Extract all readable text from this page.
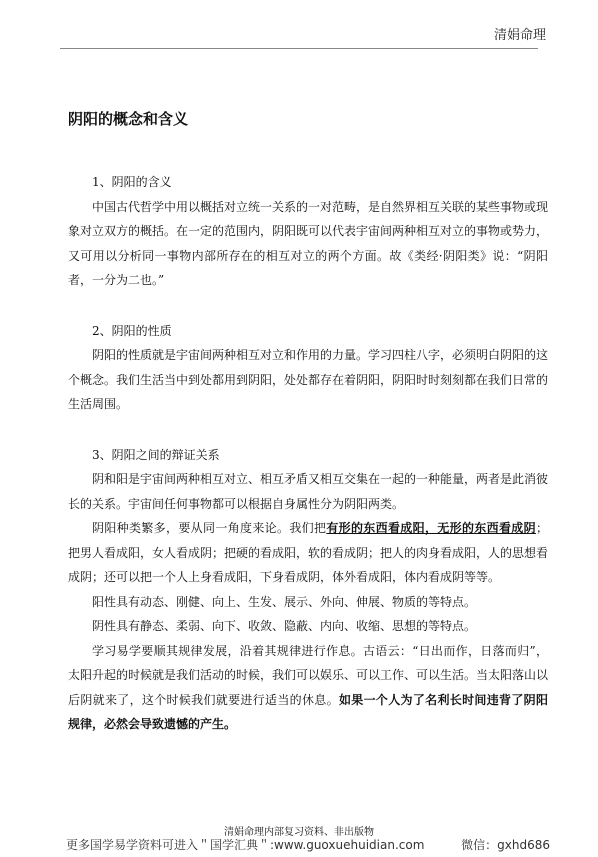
清娟命理
阴阳的概念和含义

1、阴阳的含义

中国古代哲学中用以概括对立统一关系的一对范畴，是自然界相互关联的某些事物或现象对立双方的概括。在一定的范围内，阴阳既可以代表宇宙间两种相互对立的事物或势力，又可用以分析同一事物内部所存在的相互对立的两个方面。故《类经·阴阳类》说：“阴阳者，一分为二也。”

2、阴阳的性质

阴阳的性质就是宇宙间两种相互对立和作用的力量。学习四柱八字，必须明白阴阳的这个概念。我们生活当中到处都用到阴阳，处处都存在着阴阳，阴阳时时刻刻都在我们日常的生活周围。

3、阴阳之间的辩证关系

阴和阳是宇宙间两种相互对立、相互矛盾又相互交集在一起的一种能量，两者是此消彼长的关系。宇宙间任何事物都可以根据自身属性分为阴阳两类。

阴阳种类繁多，要从同一角度来论。我们把有形的东西看成阳，无形的东西看成阴；把男人看成阳，女人看成阴；把硬的看成阳，软的看成阴；把人的肉身看成阳，人的思想看成阴；还可以把一个人上身看成阳，下身看成阴，体外看成阳，体内看成阴等等。

阳性具有动态、刚健、向上、生发、展示、外向、伸展、物质的等特点。

阴性具有静态、柔弱、向下、收敛、隐蔽、内向、收缩、思想的等特点。

学习易学要顺其规律发展，沿着其规律进行作息。古语云：“日出而作，日落而归”，太阳升起的时候就是我们活动的时候，我们可以娱乐、可以工作、可以生活。当太阳落山以后阴就来了，这个时候我们就要进行适当的休息。如果一个人为了名利长时间违背了阴阳规律，必然会导致遗憾的产生。

清娟命理内部复习资料、非出版物
更多国学易学资料可进入＂国学汇典＂:www.guoxuehuidian.com	微信：gxhd686
